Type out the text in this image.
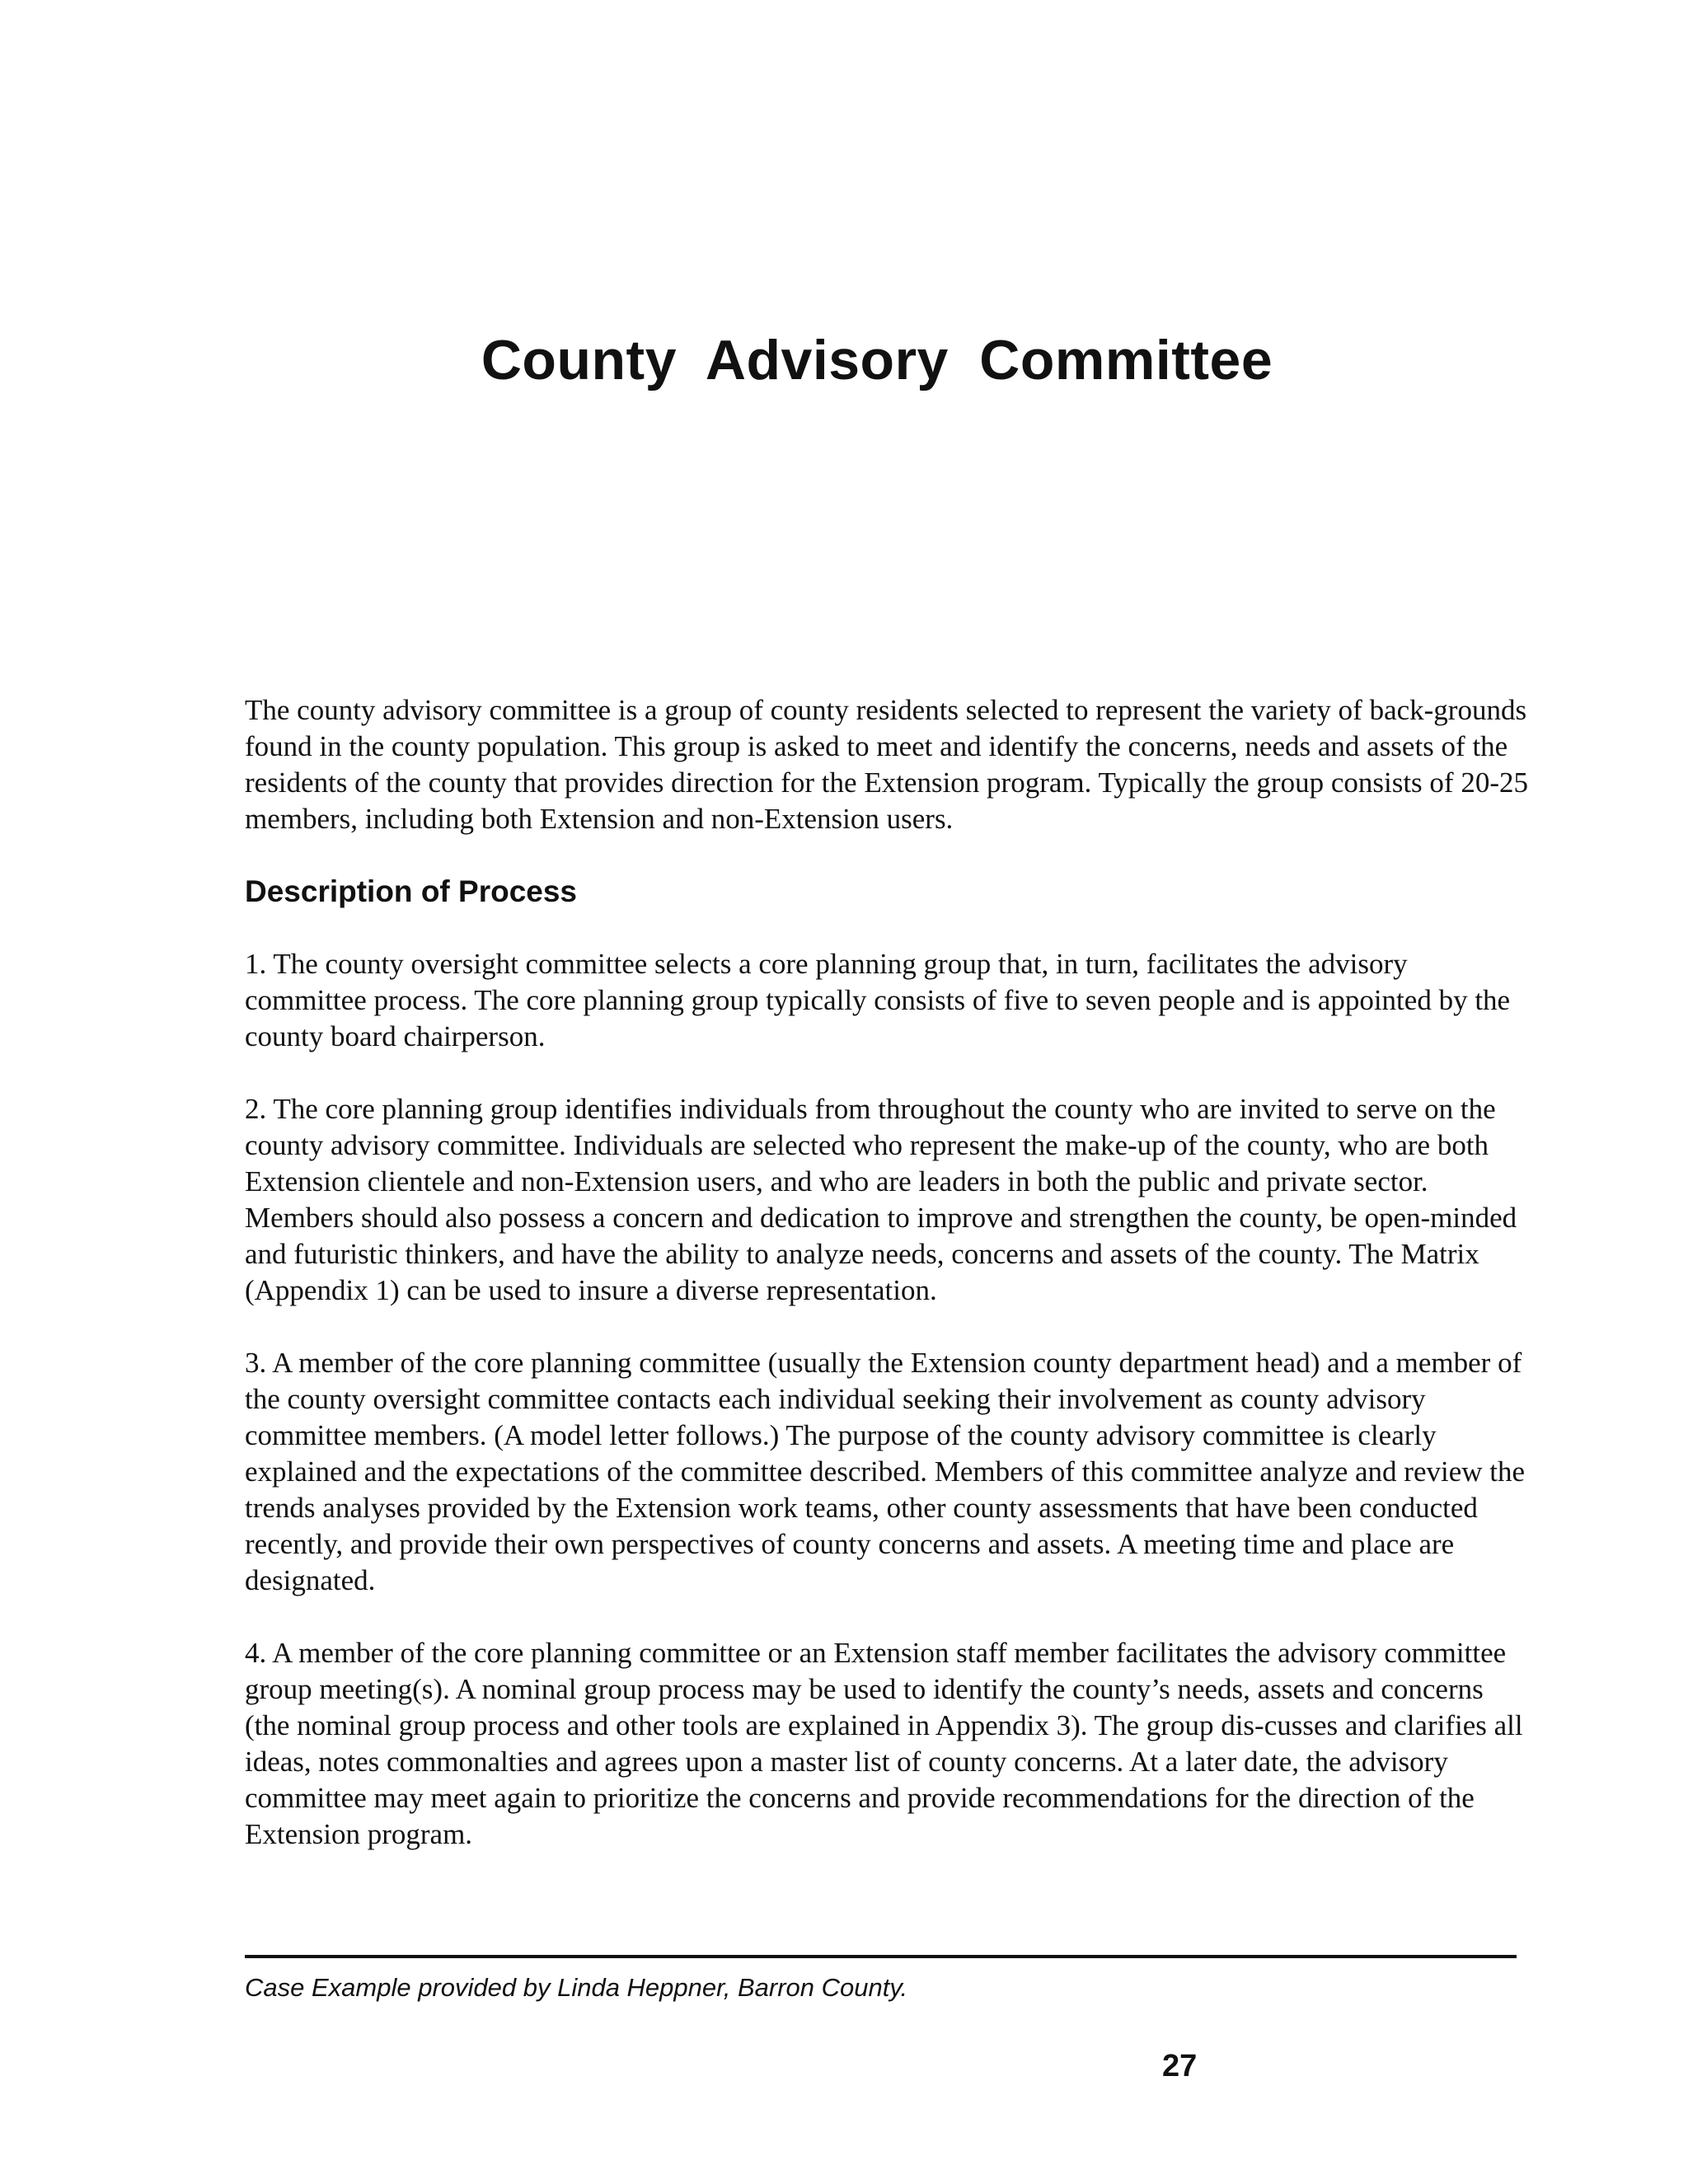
County Advisory Committee

The county advisory committee is a group of county residents selected to represent the variety of back-grounds found in the county population. This group is asked to meet and identify the concerns, needs and assets of the residents of the county that provides direction for the Extension program. Typically the group consists of 20-25 members, including both Extension and non-Extension users.

Description of Process

1. The county oversight committee selects a core planning group that, in turn, facilitates the advisory committee process. The core planning group typically consists of five to seven people and is appointed by the county board chairperson.

2. The core planning group identifies individuals from throughout the county who are invited to serve on the county advisory committee. Individuals are selected who represent the make-up of the county, who are both Extension clientele and non-Extension users, and who are leaders in both the public and private sector. Members should also possess a concern and dedication to improve and strengthen the county, be open-minded and futuristic thinkers, and have the ability to analyze needs, concerns and assets of the county. The Matrix (Appendix 1) can be used to insure a diverse representation.

3. A member of the core planning committee (usually the Extension county department head) and a member of the county oversight committee contacts each individual seeking their involvement as county advisory committee members. (A model letter follows.) The purpose of the county advisory committee is clearly explained and the expectations of the committee described. Members of this committee analyze and review the trends analyses provided by the Extension work teams, other county assessments that have been conducted recently, and provide their own perspectives of county concerns and assets. A meeting time and place are designated.

4. A member of the core planning committee or an Extension staff member facilitates the advisory committee group meeting(s). A nominal group process may be used to identify the county’s needs, assets and concerns (the nominal group process and other tools are explained in Appendix 3). The group dis-cusses and clarifies all ideas, notes commonalties and agrees upon a master list of county concerns. At a later date, the advisory committee may meet again to prioritize the concerns and provide recommendations for the direction of the Extension program.

Case Example provided by Linda Heppner, Barron County.
27
